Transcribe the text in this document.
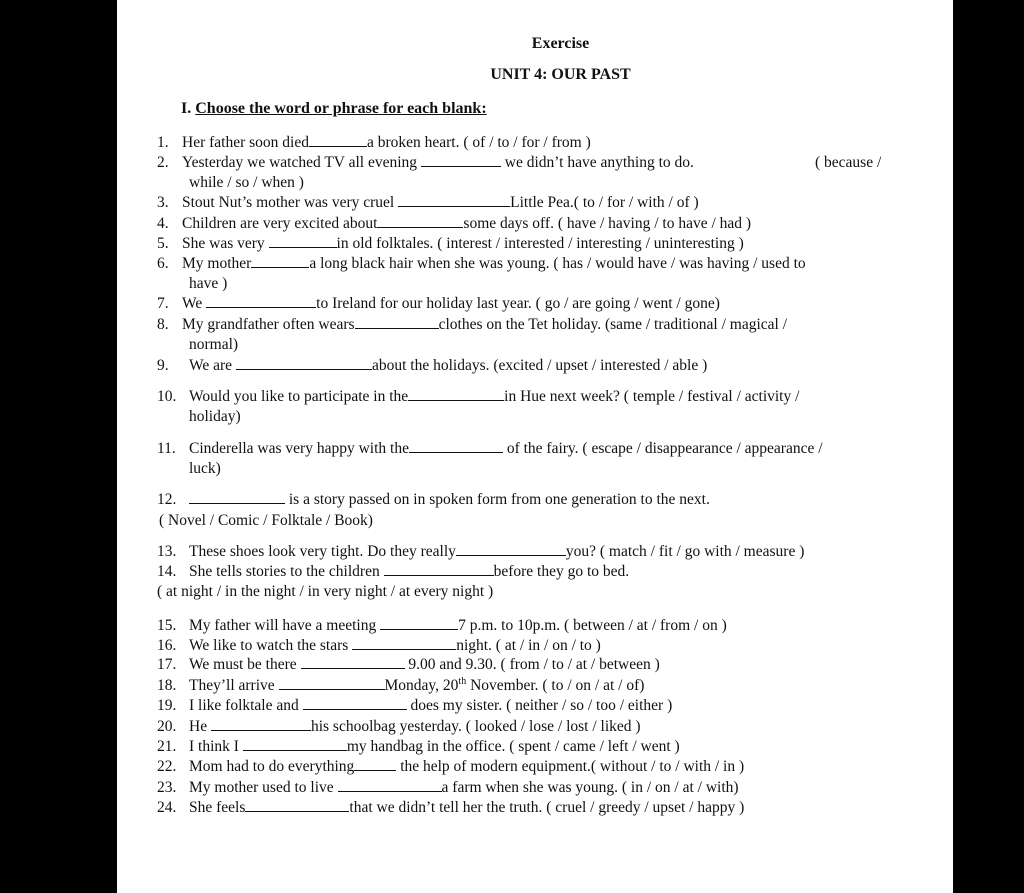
Exercise
UNIT 4: OUR PAST
I. Choose the word or phrase for each blank:
1. Her father soon died	a broken heart. ( of / to / for / from )
2. Yesterday we watched TV all evening	we didn’t have anything to do.	( because /
while / so / when )
3. Stout Nut’s mother was very cruel	Little Pea.( to / for / with / of )
4. Children are very excited about	some days off. ( have / having / to have / had )
5. She was very	in old folktales. ( interest / interested / interesting / uninteresting )
6. My mother	a long black hair when she was young. ( has / would have / was having / used to
have )
7. We	to Ireland for our holiday last year. ( go / are going / went / gone)
8. My grandfather often wears	clothes on the Tet holiday. (same / traditional / magical /
normal)
9. We are	about the holidays. (excited / upset / interested / able )
10. Would you like to participate in the	in Hue next week? ( temple / festival / activity /
holiday)
11. Cinderella was very happy with the	of the fairy. ( escape / disappearance / appearance /
luck)
12.	is a story passed on in spoken form from one generation to the next.
( Novel / Comic / Folktale / Book)
13. These shoes look very tight. Do they really	you? ( match / fit / go with / measure )
14. She tells stories to the children	before they go to bed.
( at night / in the night / in very night / at every night )
15. My father will have a meeting	7 p.m. to 10p.m. ( between / at / from / on )
16. We like to watch the stars	night. ( at / in / on / to )
17. We must be there	9.00 and 9.30. ( from / to / at / between )
18. They’ll arrive	Monday, 20th November. ( to / on / at / of)
19. I like folktale and	does my sister. ( neither / so / too / either )
20. He	his schoolbag yesterday. ( looked / lose / lost / liked )
21. I think I	my handbag in the office. ( spent / came / left / went )
22. Mom had to do everything	the help of modern equipment.( without / to / with / in )
23. My mother used to live	a farm when she was young. ( in / on / at / with)
24. She feels	that we didn’t tell her the truth. ( cruel / greedy / upset / happy )
